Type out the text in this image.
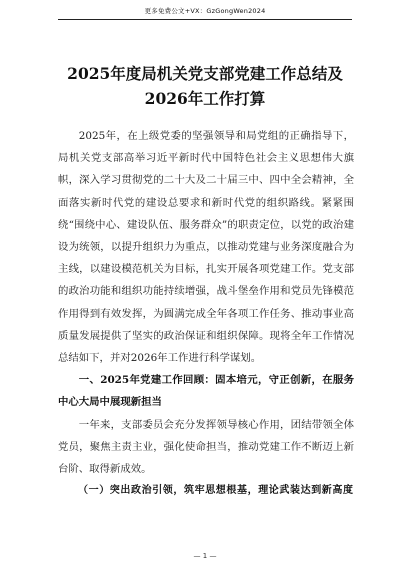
更多免费公文+VX：GzGongWen2024
2025年度局机关党支部党建工作总结及
2026年工作打算

2025年，在上级党委的坚强领导和局党组的正确指导下，局机关党支部高举习近平新时代中国特色社会主义思想伟大旗帜，深入学习贯彻党的二十大及二十届三中、四中全会精神，全面落实新时代党的建设总要求和新时代党的组织路线。紧紧围绕“围绕中心、建设队伍、服务群众”的职责定位，以党的政治建设为统领，以提升组织力为重点，以推动党建与业务深度融合为主线，以建设模范机关为目标，扎实开展各项党建工作。党支部的政治功能和组织功能持续增强，战斗堡垒作用和党员先锋模范作用得到有效发挥，为圆满完成全年各项工作任务、推动事业高质量发展提供了坚实的政治保证和组织保障。现将全年工作情况总结如下，并对2026年工作进行科学谋划。

一、2025年党建工作回顾：固本培元，守正创新，在服务中心大局中展现新担当

一年来，支部委员会充分发挥领导核心作用，团结带领全体党员，聚焦主责主业，强化使命担当，推动党建工作不断迈上新台阶、取得新成效。

（一）突出政治引领，筑牢思想根基，理论武装达到新高度

— 1 —
